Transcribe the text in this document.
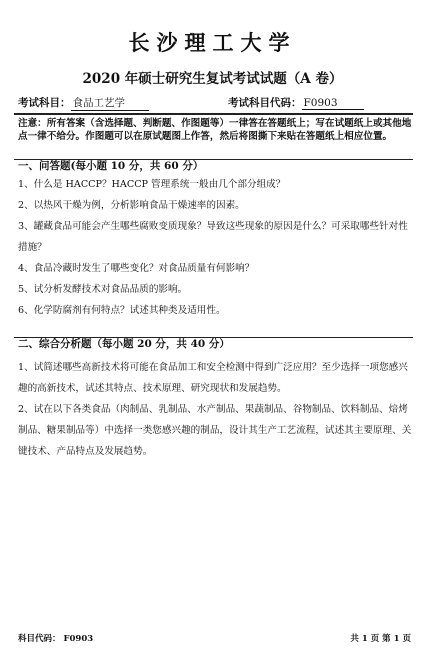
长沙理工大学
2020 年硕士研究生复试考试试题（A 卷）
考试科目： 食品工艺学	考试科目代码： F0903
注意：所有答案（含选择题、判断题、作图题等）一律答在答题纸上；写在试题纸上或其他地点一律不给分。作图题可以在原试题图上作答，然后将图撕下来贴在答题纸上相应位置。
一、问答题(每小题 10 分，共 60 分）
1、什么是 HACCP？HACCP 管理系统一般由几个部分组成？
2、以热风干燥为例，分析影响食品干燥速率的因素。
3、罐藏食品可能会产生哪些腐败变质现象？导致这些现象的原因是什么？可采取哪些针对性措施？
4、食品冷藏时发生了哪些变化？对食品质量有何影响？
5、试分析发酵技术对食品品质的影响。
6、化学防腐剂有何特点？试述其种类及适用性。
二、综合分析题（每小题 20 分，共 40 分）
1、试简述哪些高新技术将可能在食品加工和安全检测中得到广泛应用？至少选择一项您感兴趣的高新技术，试述其特点、技术原理、研究现状和发展趋势。
2、试在以下各类食品（肉制品、乳制品、水产制品、果蔬制品、谷物制品、饮料制品、焙烤制品、糖果制品等）中选择一类您感兴趣的制品，设计其生产工艺流程，试述其主要原理、关键技术、产品特点及发展趋势。
科目代码： F0903	共 1 页 第 1 页
